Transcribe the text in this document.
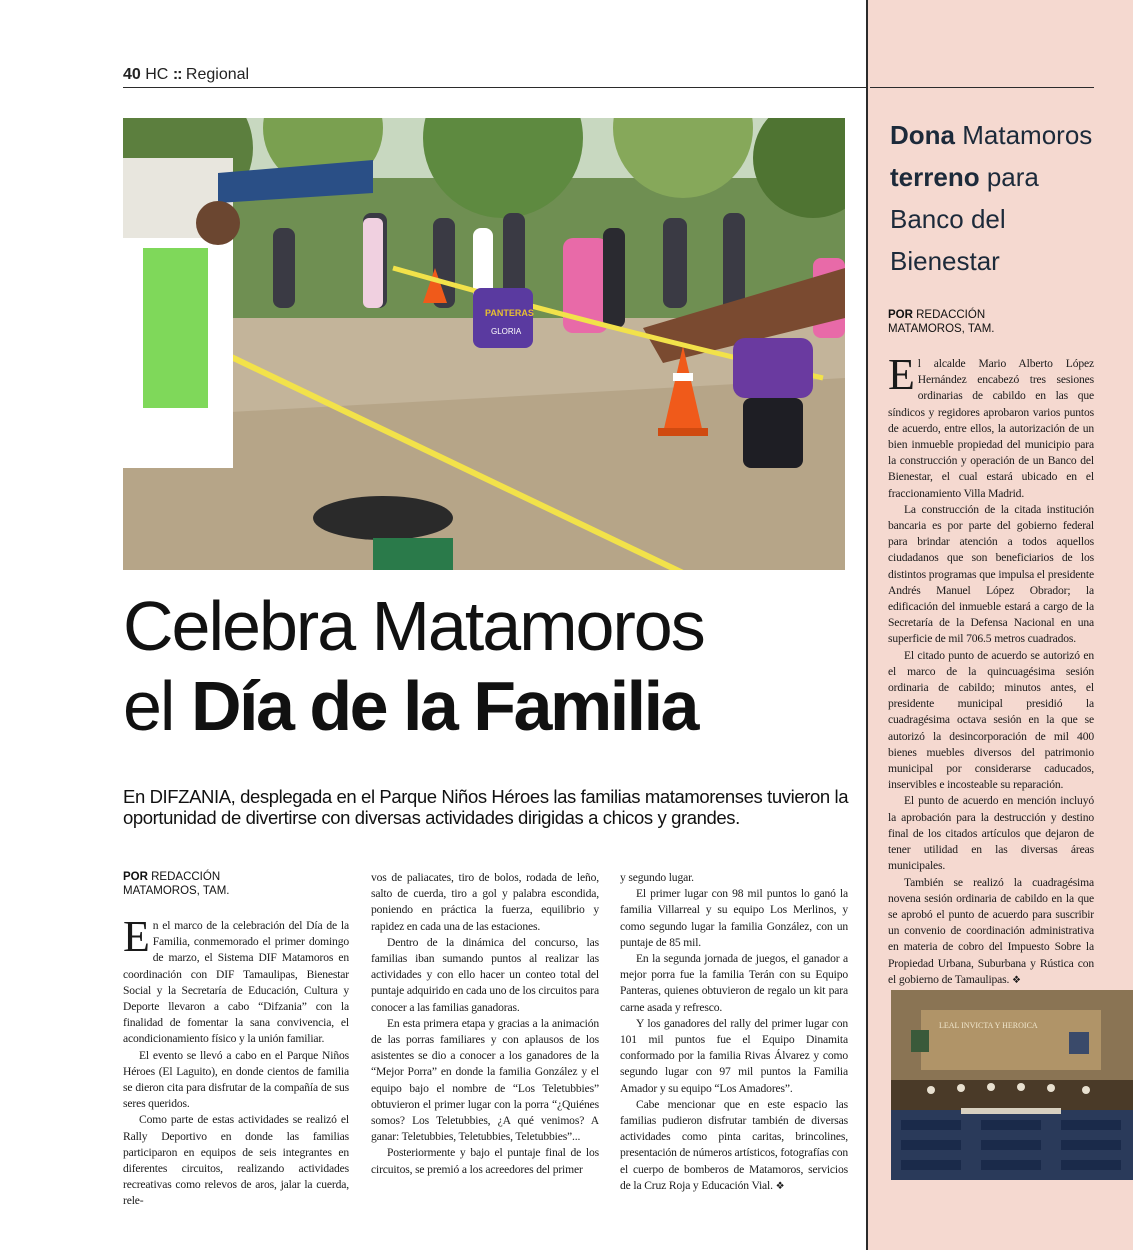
40 HC :: Regional
PANTERAS
GLORIA
Celebra Matamoros
el Día de la Familia
En DIFZANIA, desplegada en el Parque Niños Héroes las familias matamorenses tuvieron la oportunidad de divertirse con diversas actividades dirigidas a chicos y grandes.
POR REDACCIÓN
MATAMOROS, TAM.

En el marco de la celebración del Día de la Familia, conmemorado el primer domingo de marzo, el Sistema DIF Matamoros en coordinación con DIF Tamaulipas, Bienestar Social y la Secretaría de Educación, Cultura y Deporte llevaron a cabo “Difzania” con la finalidad de fomentar la sana convivencia, el acondicionamiento físico y la unión familiar.

El evento se llevó a cabo en el Parque Niños Héroes (El Laguito), en donde cientos de familia se dieron cita para disfrutar de la compañía de sus seres queridos.

Como parte de estas actividades se realizó el Rally Deportivo en donde las familias participaron en equipos de seis integrantes en diferentes circuitos, realizando actividades recreativas como relevos de aros, jalar la cuerda, rele-

vos de paliacates, tiro de bolos, rodada de leño, salto de cuerda, tiro a gol y palabra escondida, poniendo en práctica la fuerza, equilibrio y rapidez en cada una de las estaciones.

Dentro de la dinámica del concurso, las familias iban sumando puntos al realizar las actividades y con ello hacer un conteo total del puntaje adquirido en cada uno de los circuitos para conocer a las familias ganadoras.

En esta primera etapa y gracias a la animación de las porras familiares y con aplausos de los asistentes se dio a conocer a los ganadores de la “Mejor Porra” en donde la familia González y el equipo bajo el nombre de “Los Teletubbies” obtuvieron el primer lugar con la porra “¿Quiénes somos? Los Teletubbies, ¿A qué venimos? A ganar: Teletubbies, Teletubbies, Teletubbies”...

Posteriormente y bajo el puntaje final de los circuitos, se premió a los acreedores del primer

y segundo lugar.

El primer lugar con 98 mil puntos lo ganó la familia Villarreal y su equipo Los Merlinos, y como segundo lugar la familia González, con un puntaje de 85 mil.

En la segunda jornada de juegos, el ganador a mejor porra fue la familia Terán con su Equipo Panteras, quienes obtuvieron de regalo un kit para carne asada y refresco.

Y los ganadores del rally del primer lugar con 101 mil puntos fue el Equipo Dinamita conformado por la familia Rivas Álvarez y como segundo lugar con 97 mil puntos la Familia Amador y su equipo “Los Amadores”.

Cabe mencionar que en este espacio las familias pudieron disfrutar también de diversas actividades como pinta caritas, brincolines, presentación de números artísticos, fotografías con el cuerpo de bomberos de Matamoros, servicios de la Cruz Roja y Educación Vial. ❖

Dona Matamoros
terreno para
Banco del
Bienestar
POR REDACCIÓN
MATAMOROS, TAM.

El alcalde Mario Alberto López Hernández encabezó tres sesiones ordinarias de cabildo en las que síndicos y regidores aprobaron varios puntos de acuerdo, entre ellos, la autorización de un bien inmueble propiedad del municipio para la construcción y operación de un Banco del Bienestar, el cual estará ubicado en el fraccionamiento Villa Madrid.

La construcción de la citada institución bancaria es por parte del gobierno federal para brindar atención a todos aquellos ciudadanos que son beneficiarios de los distintos programas que impulsa el presidente Andrés Manuel López Obrador; la edificación del inmueble estará a cargo de la Secretaría de la Defensa Nacional en una superficie de mil 706.5 metros cuadrados.

El citado punto de acuerdo se autorizó en el marco de la quincuagésima sesión ordinaria de cabildo; minutos antes, el presidente municipal presidió la cuadragésima octava sesión en la que se autorizó la desincorporación de mil 400 bienes muebles diversos del patrimonio municipal por considerarse caducados, inservibles e incosteable su reparación.

El punto de acuerdo en mención incluyó la aprobación para la destrucción y destino final de los citados artículos que dejaron de tener utilidad en las diversas áreas municipales.

También se realizó la cuadragésima novena sesión ordinaria de cabildo en la que se aprobó el punto de acuerdo para suscribir un convenio de coordinación administrativa en materia de cobro del Impuesto Sobre la Propiedad Urbana, Suburbana y Rústica con el gobierno de Tamaulipas. ❖

LEAL INVICTA Y HEROICA
